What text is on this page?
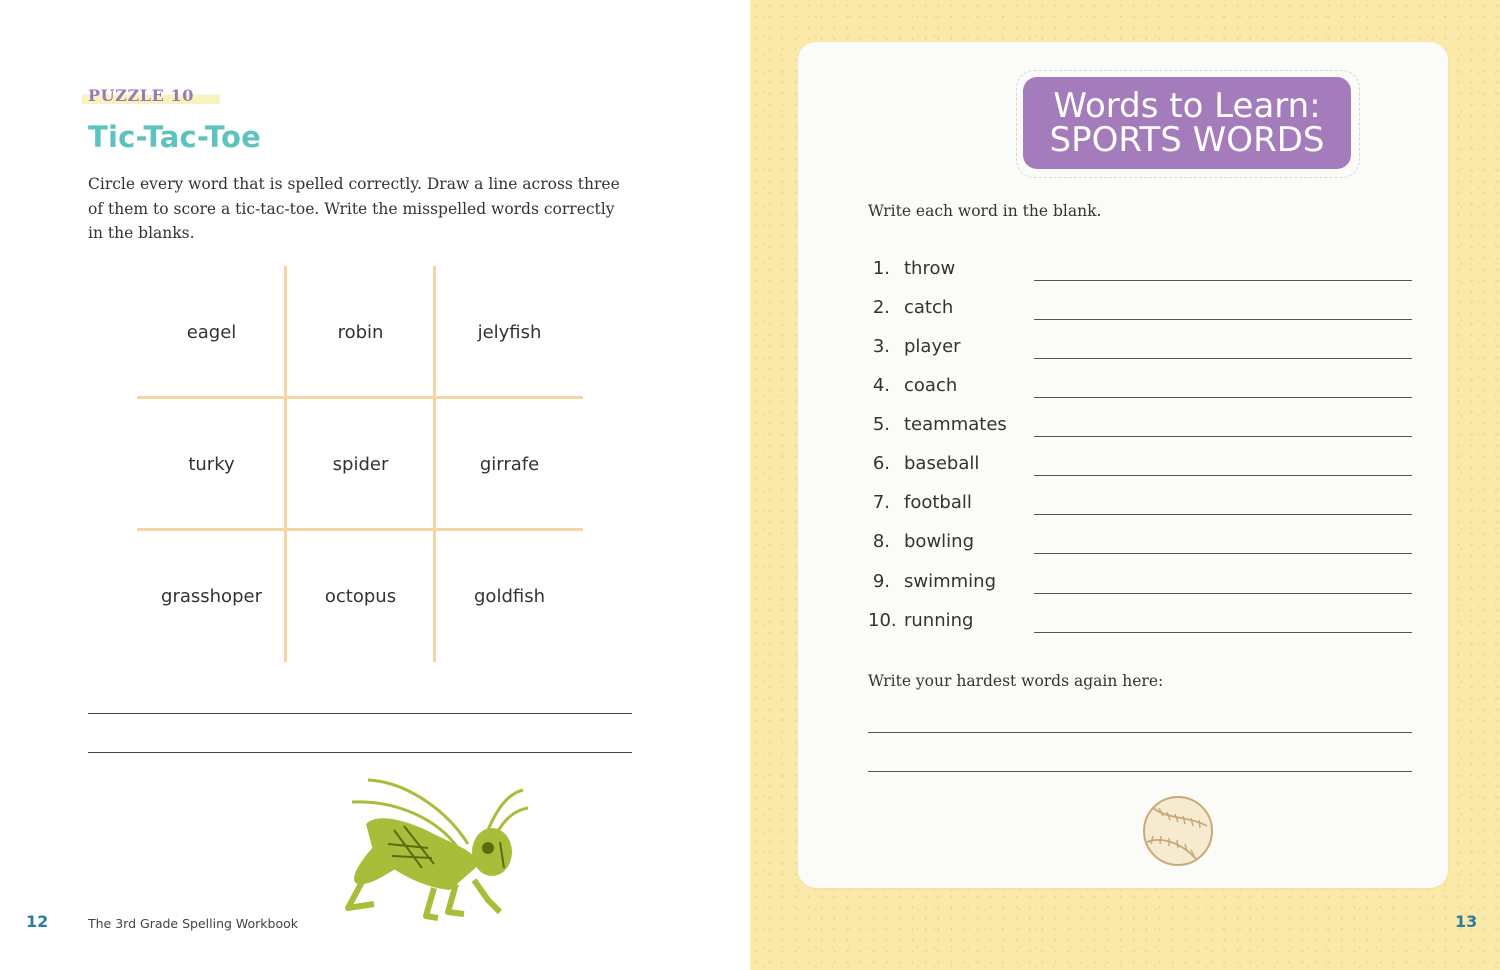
PUZZLE 10
Tic-Tac-Toe
Circle every word that is spelled correctly. Draw a line across three of them to score a tic-tac-toe. Write the misspelled words correctly in the blanks.
eagel	robin	jelyfish
turky	spider	girrafe
grasshoper	octopus	goldfish
12	The 3rd Grade Spelling Workbook
Words to Learn:
SPORTS WORDS
Write each word in the blank.
1. throw
2. catch
3. player
4. coach
5. teammates
6. baseball
7. football
8. bowling
9. swimming
10. running
Write your hardest words again here:
13
